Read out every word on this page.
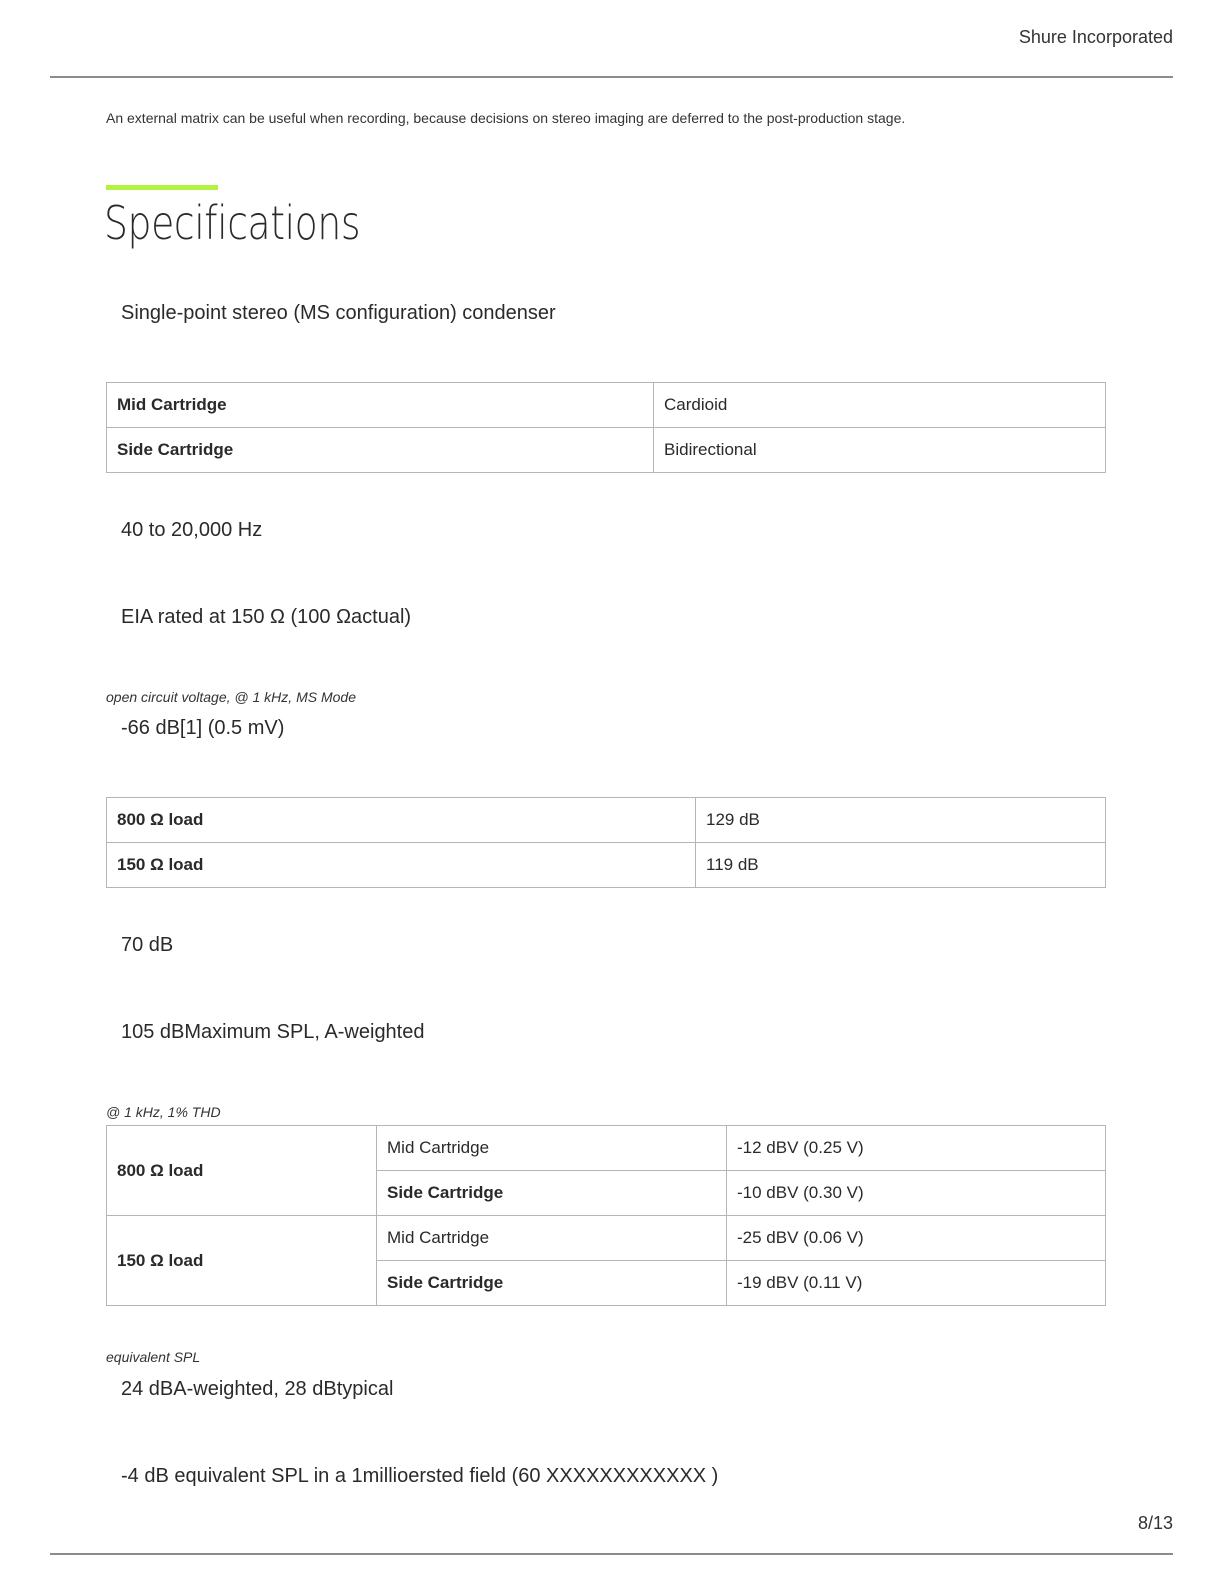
Shure Incorporated
An external matrix can be useful when recording, because decisions on stereo imaging are deferred to the post-production stage.
Specifications
Single-point stereo (MS configuration) condenser
Mid Cartridge	Cardioid
Side Cartridge	Bidirectional
40 to 20,000 Hz
EIA rated at 150 Ω (100 Ωactual)
open circuit voltage, @ 1 kHz, MS Mode
-66 dB[1] (0.5 mV)
800 Ω load	129 dB
150 Ω load	119 dB
70 dB
105 dBMaximum SPL, A-weighted
@ 1 kHz, 1% THD
800 Ω load	Mid Cartridge	-12 dBV (0.25 V)
	Side Cartridge	-10 dBV (0.30 V)
150 Ω load	Mid Cartridge	-25 dBV (0.06 V)
	Side Cartridge	-19 dBV (0.11 V)
equivalent SPL
24 dBA-weighted, 28 dBtypical
-4 dB equivalent SPL in a 1millioersted field (60 XXXXXXXXXXXX )
8/13
